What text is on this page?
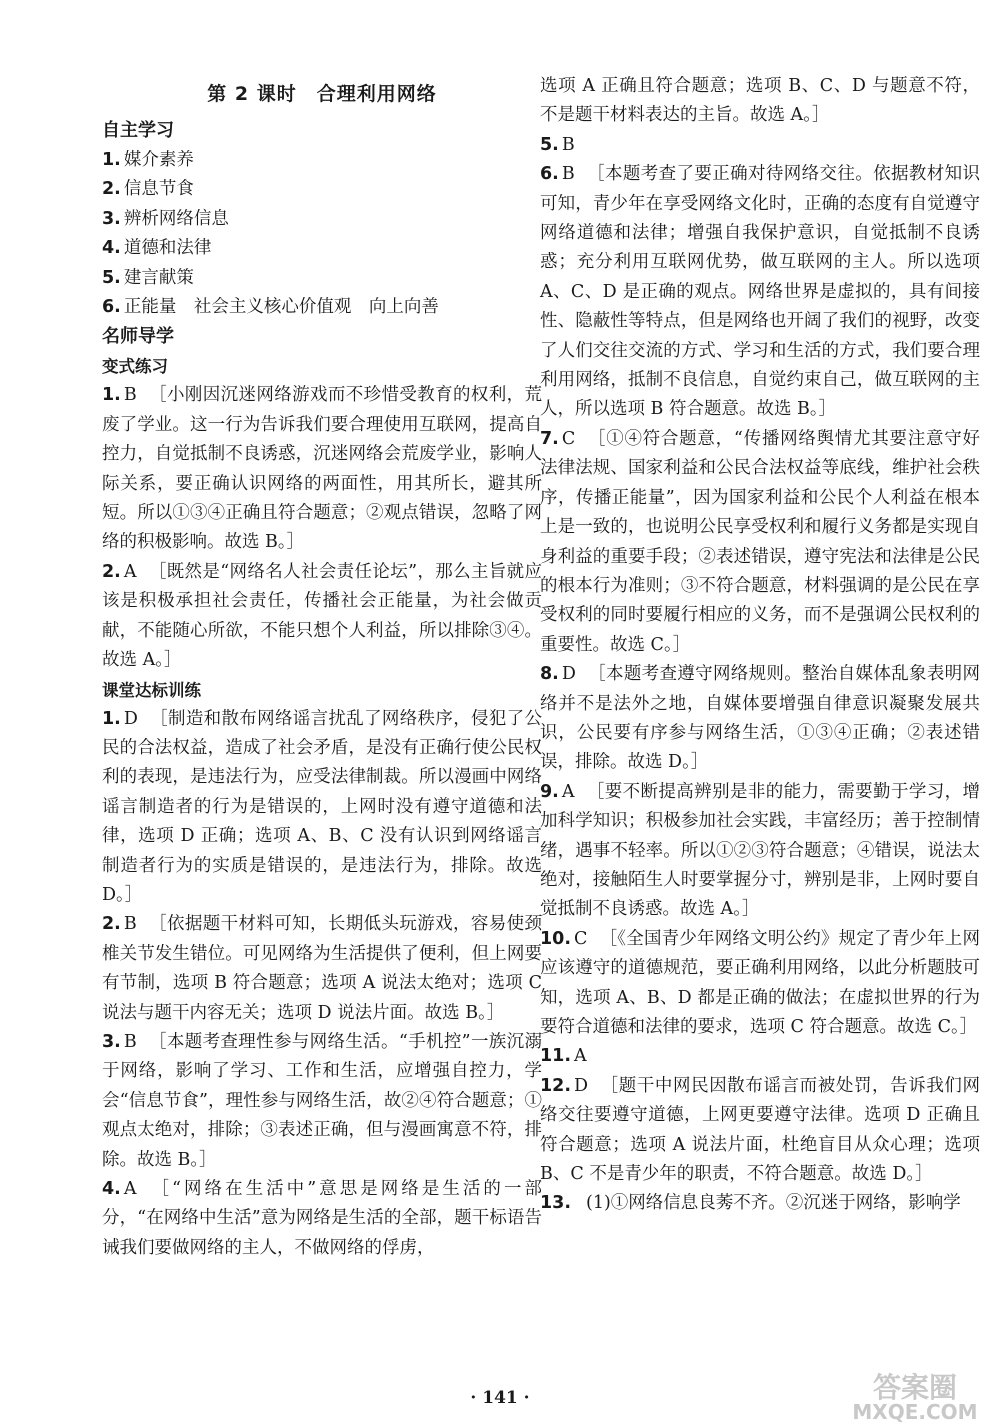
第 2 课时　合理利用网络
自主学习
1. 媒介素养
2. 信息节食
3. 辨析网络信息
4. 道德和法律
5. 建言献策
6. 正能量　社会主义核心价值观　向上向善
名师导学
变式练习
1. B ［小刚因沉迷网络游戏而不珍惜受教育的权利，荒废了学业。这一行为告诉我们要合理使用互联网，提高自控力，自觉抵制不良诱惑，沉迷网络会荒废学业，影响人际关系，要正确认识网络的两面性，用其所长，避其所短。所以①③④正确且符合题意；②观点错误，忽略了网络的积极影响。故选 B。］
2. A ［既然是“网络名人社会责任论坛”，那么主旨就应该是积极承担社会责任，传播社会正能量，为社会做贡献，不能随心所欲，不能只想个人利益，所以排除③④。故选 A。］
课堂达标训练
1. D ［制造和散布网络谣言扰乱了网络秩序，侵犯了公民的合法权益，造成了社会矛盾，是没有正确行使公民权利的表现，是违法行为，应受法律制裁。所以漫画中网络谣言制造者的行为是错误的，上网时没有遵守道德和法律，选项 D 正确；选项 A、B、C 没有认识到网络谣言制造者行为的实质是错误的，是违法行为，排除。故选 D。］
2. B ［依据题干材料可知，长期低头玩游戏，容易使颈椎关节发生错位。可见网络为生活提供了便利，但上网要有节制，选项 B 符合题意；选项 A 说法太绝对；选项 C 说法与题干内容无关；选项 D 说法片面。故选 B。］
3. B ［本题考查理性参与网络生活。“手机控”一族沉溺于网络，影响了学习、工作和生活，应增强自控力，学会“信息节食”，理性参与网络生活，故②④符合题意；①观点太绝对，排除；③表述正确，但与漫画寓意不符，排除。故选 B。］
4. A ［“网络在生活中”意思是网络是生活的一部分，“在网络中生活”意为网络是生活的全部，题干标语告诫我们要做网络的主人，不做网络的俘虏，
选项 A 正确且符合题意；选项 B、C、D 与题意不符，不是题干材料表达的主旨。故选 A。］
5. B
6. B ［本题考查了要正确对待网络交往。依据教材知识可知，青少年在享受网络文化时，正确的态度有自觉遵守网络道德和法律；增强自我保护意识，自觉抵制不良诱惑；充分利用互联网优势，做互联网的主人。所以选项 A、C、D 是正确的观点。网络世界是虚拟的，具有间接性、隐蔽性等特点，但是网络也开阔了我们的视野，改变了人们交往交流的方式、学习和生活的方式，我们要合理利用网络，抵制不良信息，自觉约束自己，做互联网的主人，所以选项 B 符合题意。故选 B。］
7. C ［①④符合题意，“传播网络舆情尤其要注意守好法律法规、国家利益和公民合法权益等底线，维护社会秩序，传播正能量”，因为国家利益和公民个人利益在根本上是一致的，也说明公民享受权利和履行义务都是实现自身利益的重要手段；②表述错误，遵守宪法和法律是公民的根本行为准则；③不符合题意，材料强调的是公民在享受权利的同时要履行相应的义务，而不是强调公民权利的重要性。故选 C。］
8. D ［本题考查遵守网络规则。整治自媒体乱象表明网络并不是法外之地，自媒体要增强自律意识凝聚发展共识，公民要有序参与网络生活，①③④正确；②表述错误，排除。故选 D。］
9. A ［要不断提高辨别是非的能力，需要勤于学习，增加科学知识；积极参加社会实践，丰富经历；善于控制情绪，遇事不轻率。所以①②③符合题意；④错误，说法太绝对，接触陌生人时要掌握分寸，辨别是非，上网时要自觉抵制不良诱惑。故选 A。］
10. C ［《全国青少年网络文明公约》规定了青少年上网应该遵守的道德规范，要正确利用网络，以此分析题肢可知，选项 A、B、D 都是正确的做法；在虚拟世界的行为要符合道德和法律的要求，选项 C 符合题意。故选 C。］
11. A
12. D ［题干中网民因散布谣言而被处罚，告诉我们网络交往要遵守道德，上网更要遵守法律。选项 D 正确且符合题意；选项 A 说法片面，杜绝盲目从众心理；选项 B、C 不是青少年的职责，不符合题意。故选 D。］
13. (1)①网络信息良莠不齐。②沉迷于网络，影响学
· 141 ·	答案圈
MXQE.COM
